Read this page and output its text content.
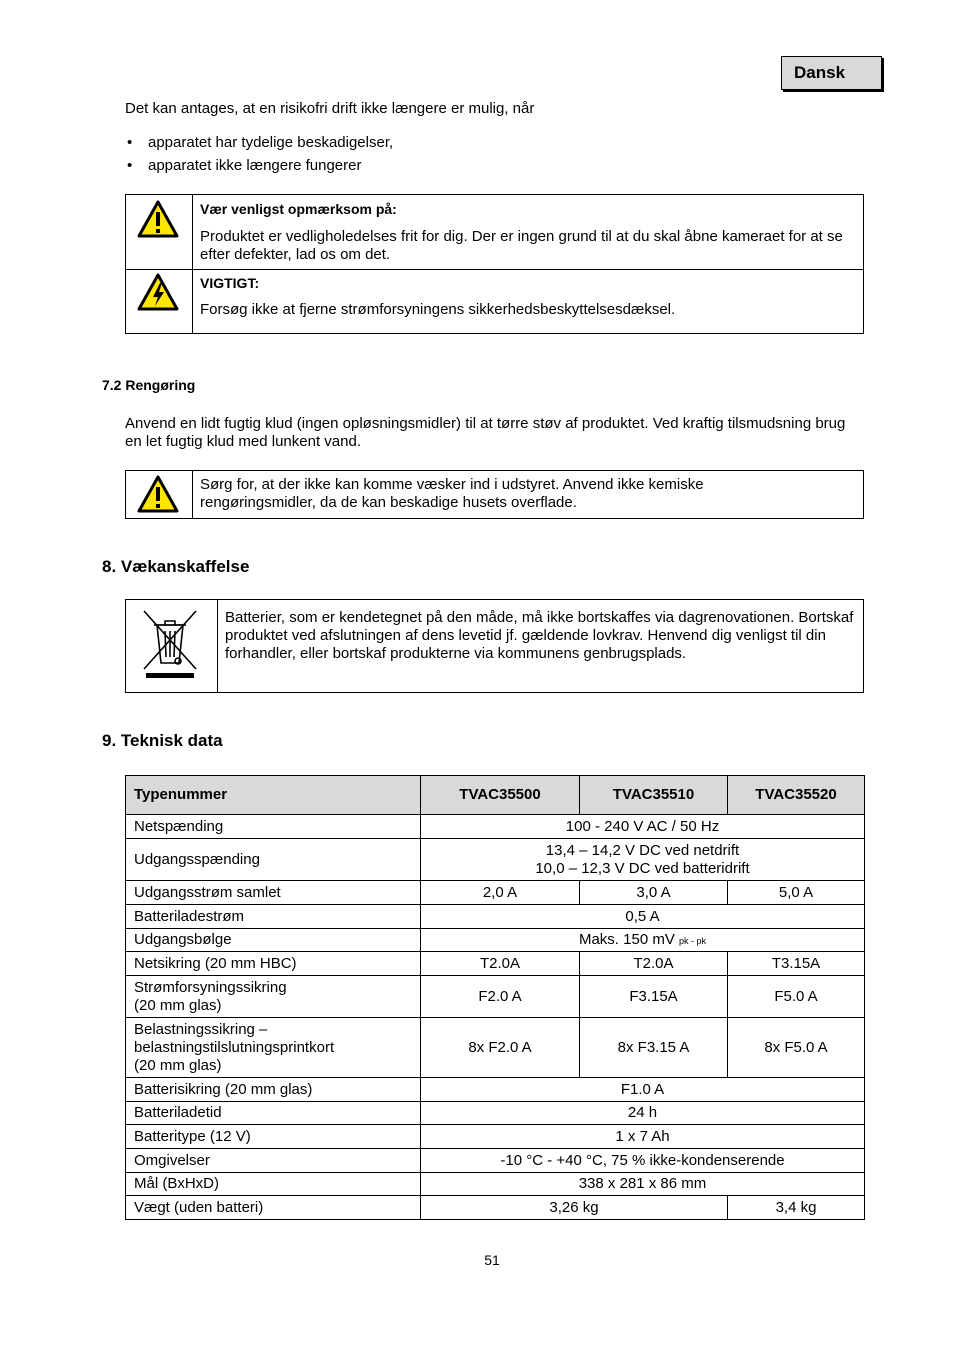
Dansk

Det kan antages, at en risikofri drift ikke længere er mulig, når

• apparatet har tydelige beskadigelser,
• apparatet ikke længere fungerer

Vær venligst opmærksom på:

Produktet er vedligholedelses frit for dig. Der er ingen grund til at du skal åbne kameraet for at se efter defekter, lad os om det.

VIGTIGT:

Forsøg ikke at fjerne strømforsyningens sikkerhedsbeskyttelsesdæksel.

7.2 Rengøring

Anvend en lidt fugtig klud (ingen opløsningsmidler) til at tørre støv af produktet. Ved kraftig tilsmudsning brug en let fugtig klud med lunkent vand.

Sørg for, at der ikke kan komme væsker ind i udstyret. Anvend ikke kemiske rengøringsmidler, da de kan beskadige husets overflade.

8. Vækanskaffelse

Batterier, som er kendetegnet på den måde, må ikke bortskaffes via dagrenovationen. Bortskaf produktet ved afslutningen af dens levetid jf. gældende lovkrav. Henvend dig venligst til din forhandler, eller bortskaf produkterne via kommunens genbrugsplads.

9. Teknisk data

Typenummer	TVAC35500	TVAC35510	TVAC35520
Netspænding	100 - 240 V AC / 50 Hz		
Udgangsspænding	13,4 – 14,2 V DC ved netdrift
10,0 – 12,3 V DC ved batteridrift		

Udgangsstrøm samlet	2,0 A	3,0 A	5,0 A
Batteriladestrøm	0,5 A		
Udgangsbølge	Maks. 150 mV pk - pk		
Netsikring (20 mm HBC)	T2.0A	T2.0A	T3.15A

Strømforsyningssikring
(20 mm glas)	F2.0 A	F3.15A	F5.0 A

Belastningssikring –
belastningstilslutningsprintkort
(20 mm glas)	8x F2.0 A	8x F3.15 A	8x F5.0 A
Batterisikring (20 mm glas)	F1.0 A		
Batteriladetid	24 h		
Batteritype (12 V)	1 x 7 Ah		
Omgivelser	-10 °C - +40 °C, 75 % ikke-kondenserende		
Mål (BxHxD)	338 x 281 x 86 mm		
Vægt (uden batteri)	3,26 kg		3,4 kg

51
